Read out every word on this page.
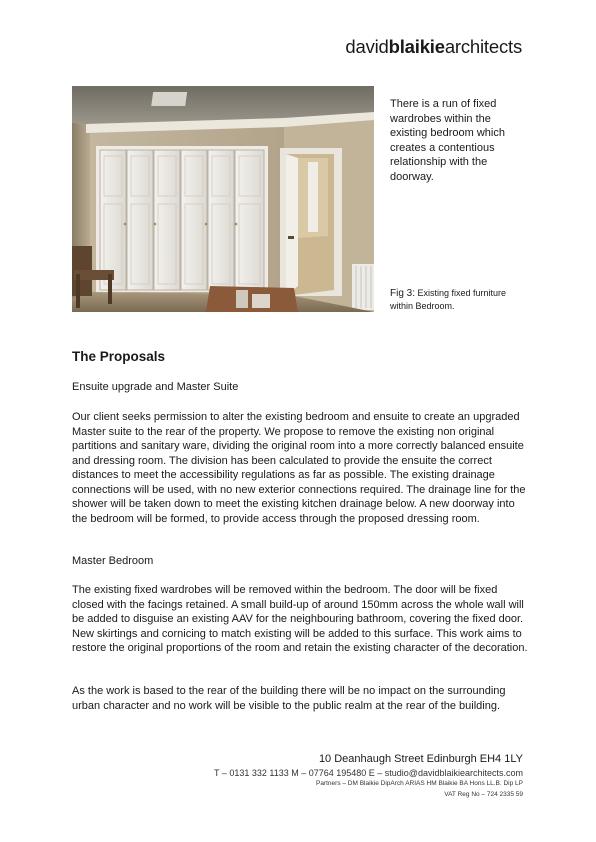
davidblaikiearchitects

There is a run of fixed wardrobes within the existing bedroom which creates a contentious relationship with the doorway.

Fig 3: Existing fixed furniture within Bedroom.
The Proposals
Ensuite upgrade and Master Suite

Our client seeks permission to alter the existing bedroom and ensuite to create an upgraded Master suite to the rear of the property. We propose to remove the existing non original partitions and sanitary ware, dividing the original room into a more correctly balanced ensuite and dressing room. The division has been calculated to provide the ensuite the correct distances to meet the accessibility regulations as far as possible. The existing drainage connections will be used, with no new exterior connections required. The drainage line for the shower will be taken down to meet the existing kitchen drainage below. A new doorway into the bedroom will be formed, to provide access through the proposed dressing room.

Master Bedroom

The existing fixed wardrobes will be removed within the bedroom. The door will be fixed closed with the facings retained. A small build-up of around 150mm across the whole wall will be added to disguise an existing AAV for the neighbouring bathroom, covering the fixed door. New skirtings and cornicing to match existing will be added to this surface. This work aims to restore the original proportions of the room and retain the existing character of the decoration.

As the work is based to the rear of the building there will be no impact on the surrounding urban character and no work will be visible to the public realm at the rear of the building.

10 Deanhaugh Street Edinburgh EH4 1LY

T – 0131 332 1133 M – 07764 195480 E – studio@davidblaikiearchitects.com

Partners – DM Blaikie DipArch ARIAS HM Blaikie BA Hons LL.B. Dip LP

VAT Reg No – 724 2335 59
